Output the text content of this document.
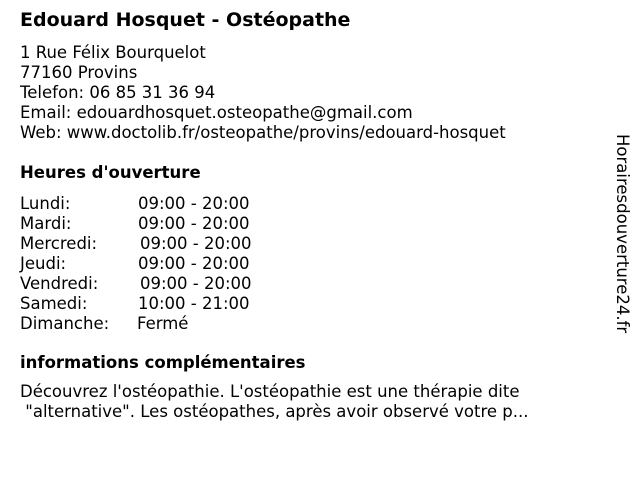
Edouard Hosquet - Ostéopathe
1 Rue Félix Bourquelot
77160 Provins
Telefon: 06 85 31 36 94
Email: edouardhosquet.osteopathe@gmail.com
Web: www.doctolib.fr/osteopathe/provins/edouard-hosquet
Heures d'ouverture
Lundi:	09:00 - 20:00
Mardi:	09:00 - 20:00
Mercredi:	09:00 - 20:00
Jeudi:	09:00 - 20:00
Vendredi:	09:00 - 20:00
Samedi:	10:00 - 21:00
Dimanche: Fermé
informations complémentaires
Découvrez l'ostéopathie. L'ostéopathie est une thérapie dite
"alternative". Les ostéopathes, après avoir observé votre p...
Horairesdouverture24.fr
